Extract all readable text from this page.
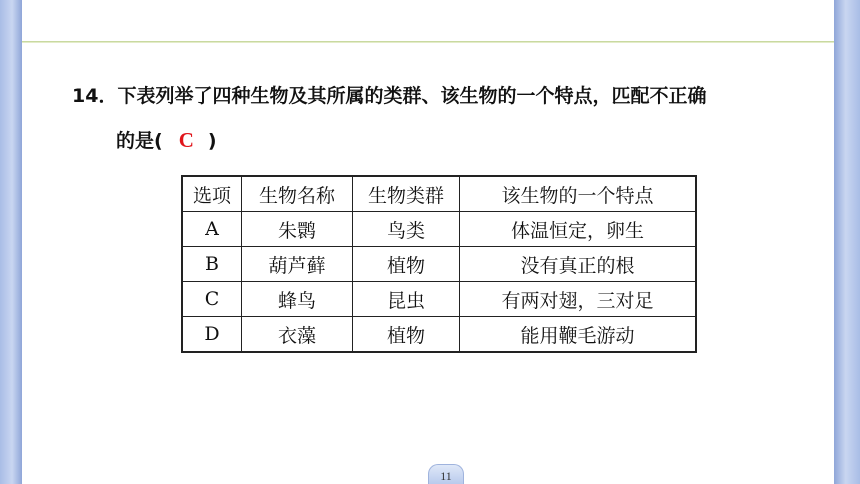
14．下表列举了四种生物及其所属的类群、该生物的一个特点，匹配不正确
的是( C )
选项	生物名称	生物类群	该生物的一个特点
A	朱鹮	鸟类	体温恒定，卵生
B	葫芦藓	植物	没有真正的根
C	蜂鸟	昆虫	有两对翅，三对足
D	衣藻	植物	能用鞭毛游动
11
